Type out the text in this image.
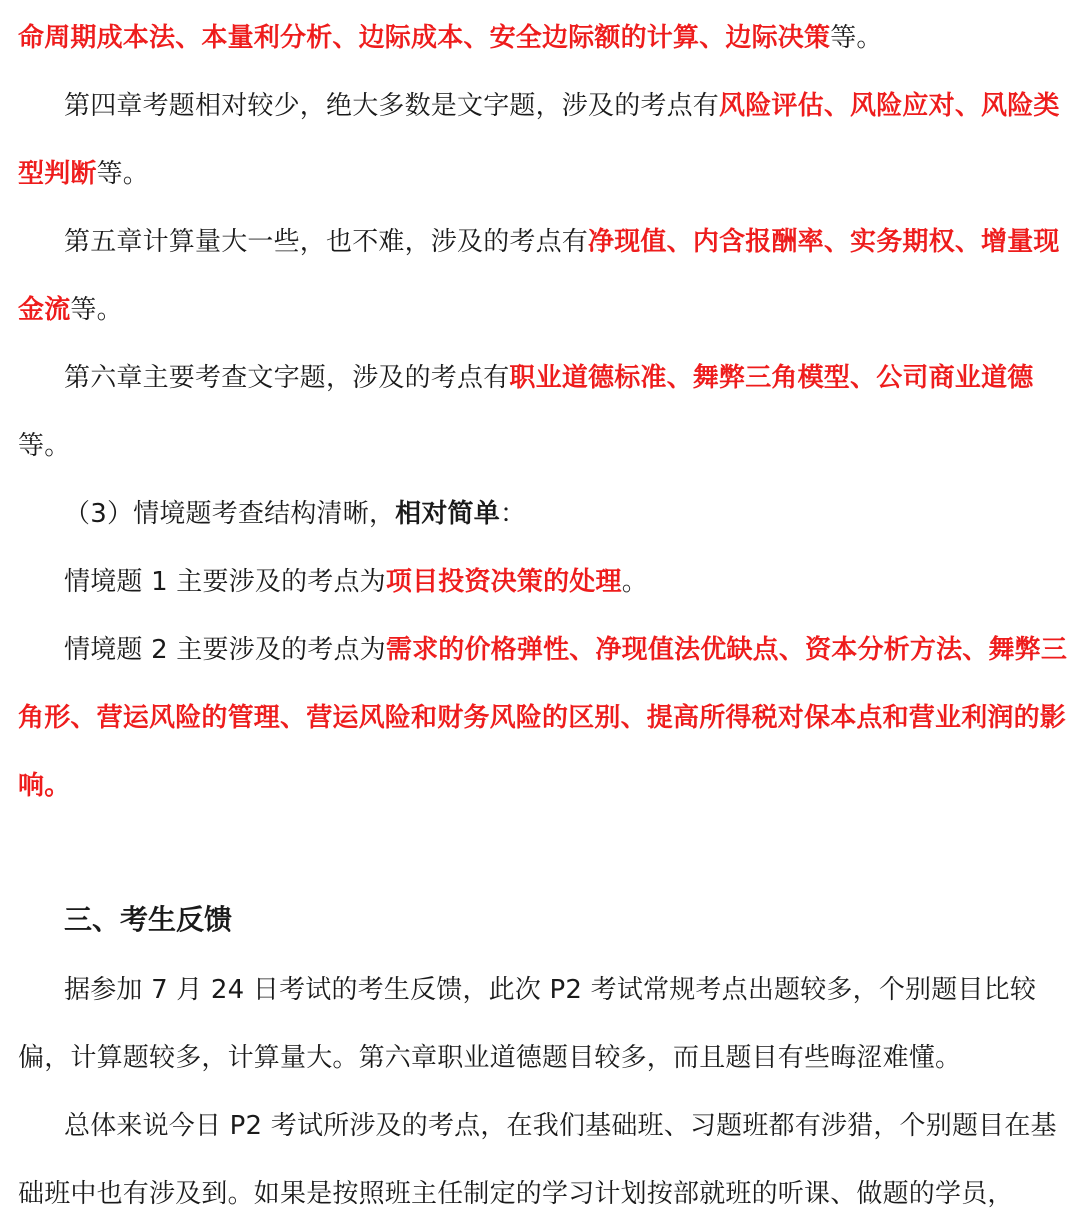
命周期成本法、本量利分析、边际成本、安全边际额的计算、边际决策等。

第四章考题相对较少，绝大多数是文字题，涉及的考点有风险评估、风险应对、风险类型判断等。

第五章计算量大一些，也不难，涉及的考点有净现值、内含报酬率、实务期权、增量现金流等。

第六章主要考查文字题，涉及的考点有职业道德标准、舞弊三角模型、公司商业道德等。

（3）情境题考查结构清晰，相对简单：

情境题 1 主要涉及的考点为项目投资决策的处理。

情境题 2 主要涉及的考点为需求的价格弹性、净现值法优缺点、资本分析方法、舞弊三角形、营运风险的管理、营运风险和财务风险的区别、提高所得税对保本点和营业利润的影响。

三、考生反馈

据参加 7 月 24 日考试的考生反馈，此次 P2 考试常规考点出题较多，个别题目比较偏，计算题较多，计算量大。第六章职业道德题目较多，而且题目有些晦涩难懂。

总体来说今日 P2 考试所涉及的考点，在我们基础班、习题班都有涉猎，个别题目在基础班中也有涉及到。如果是按照班主任制定的学习计划按部就班的听课、做题的学员，
